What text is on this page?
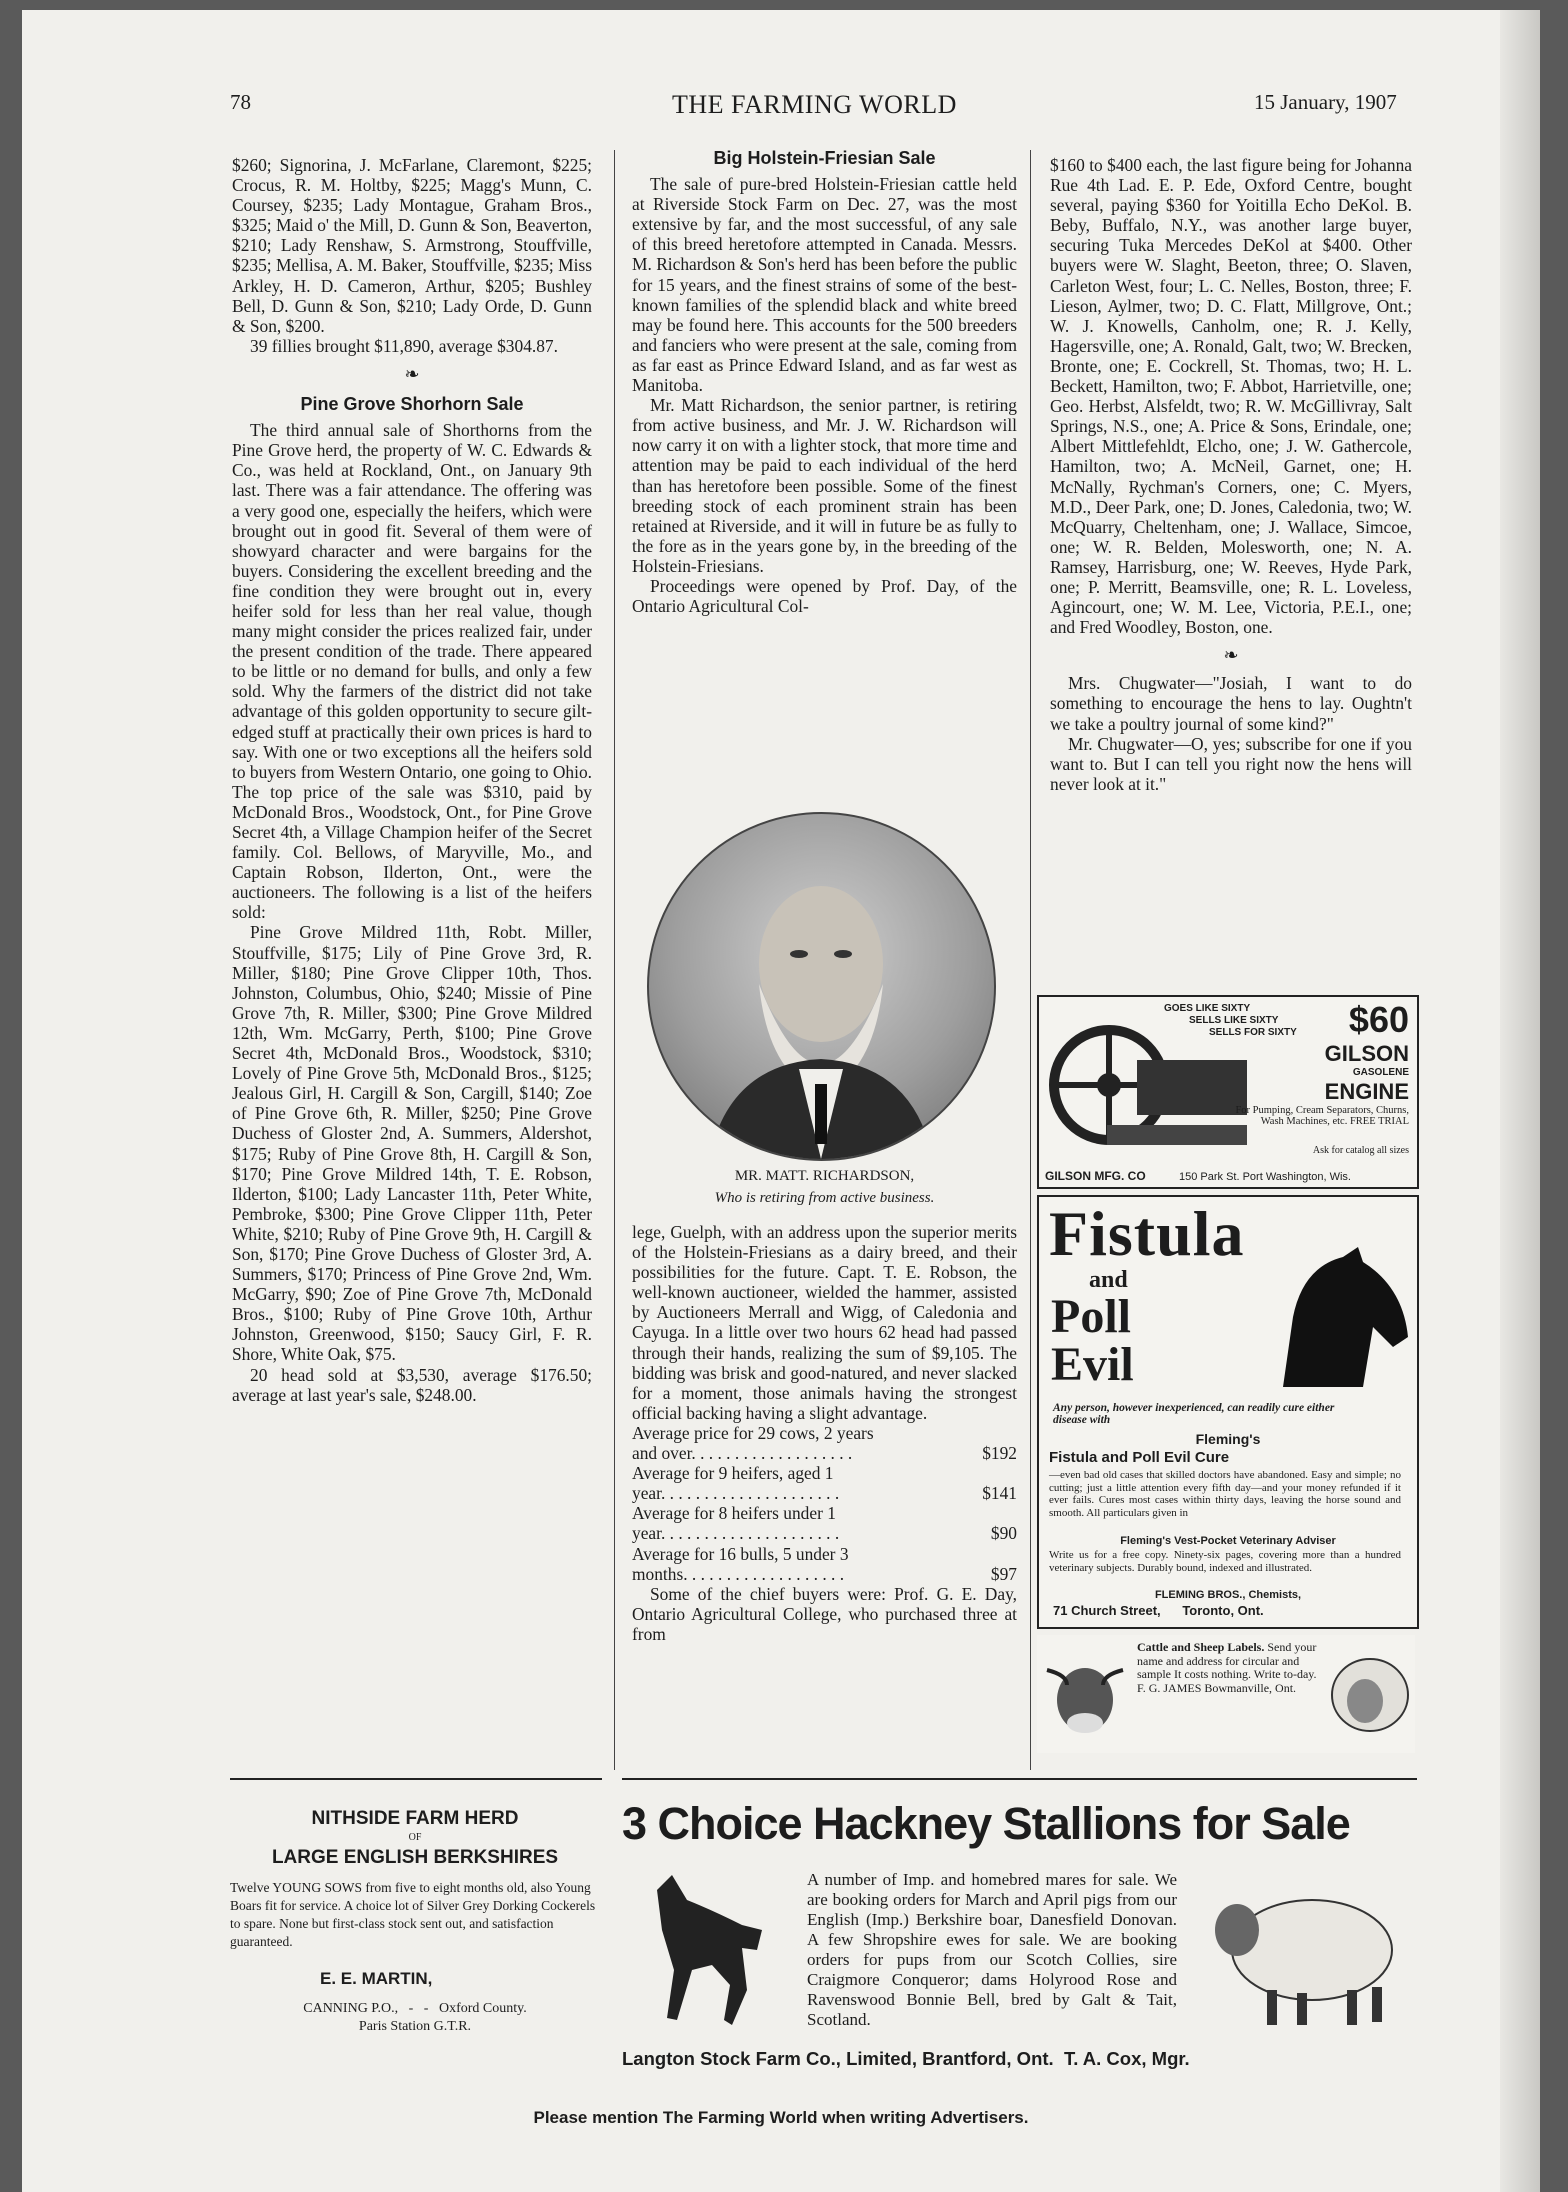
78	THE FARMING WORLD	15 January, 1907

$260; Signorina, J. McFarlane, Claremont, $225; Crocus, R. M. Holtby, $225; Magg's Munn, C. Coursey, $235; Lady Montague, Graham Bros., $325; Maid o' the Mill, D. Gunn & Son, Beaverton, $210; Lady Renshaw, S. Armstrong, Stouffville, $235; Mellisa, A. M. Baker, Stouffville, $235; Miss Arkley, H. D. Cameron, Arthur, $205; Bushley Bell, D. Gunn & Son, $210; Lady Orde, D. Gunn & Son, $200.

39 fillies brought $11,890, average $304.87.

❧
Pine Grove Shorhorn Sale

The third annual sale of Shorthorns from the Pine Grove herd, the property of W. C. Edwards & Co., was held at Rockland, Ont., on January 9th last. There was a fair attendance. The offering was a very good one, especially the heifers, which were brought out in good fit. Several of them were of showyard character and were bargains for the buyers. Considering the excellent breeding and the fine condition they were brought out in, every heifer sold for less than her real value, though many might consider the prices realized fair, under the present condition of the trade. There appeared to be little or no demand for bulls, and only a few sold. Why the farmers of the district did not take advantage of this golden opportunity to secure gilt-edged stuff at practically their own prices is hard to say. With one or two exceptions all the heifers sold to buyers from Western Ontario, one going to Ohio. The top price of the sale was $310, paid by McDonald Bros., Woodstock, Ont., for Pine Grove Secret 4th, a Village Champion heifer of the Secret family. Col. Bellows, of Maryville, Mo., and Captain Robson, Ilderton, Ont., were the auctioneers. The following is a list of the heifers sold:

Pine Grove Mildred 11th, Robt. Miller, Stouffville, $175; Lily of Pine Grove 3rd, R. Miller, $180; Pine Grove Clipper 10th, Thos. Johnston, Columbus, Ohio, $240; Missie of Pine Grove 7th, R. Miller, $300; Pine Grove Mildred 12th, Wm. McGarry, Perth, $100; Pine Grove Secret 4th, McDonald Bros., Woodstock, $310; Lovely of Pine Grove 5th, McDonald Bros., $125; Jealous Girl, H. Cargill & Son, Cargill, $140; Zoe of Pine Grove 6th, R. Miller, $250; Pine Grove Duchess of Gloster 2nd, A. Summers, Aldershot, $175; Ruby of Pine Grove 8th, H. Cargill & Son, $170; Pine Grove Mildred 14th, T. E. Robson, Ilderton, $100; Lady Lancaster 11th, Peter White, Pembroke, $300; Pine Grove Clipper 11th, Peter White, $210; Ruby of Pine Grove 9th, H. Cargill & Son, $170; Pine Grove Duchess of Gloster 3rd, A. Summers, $170; Princess of Pine Grove 2nd, Wm. McGarry, $90; Zoe of Pine Grove 7th, McDonald Bros., $100; Ruby of Pine Grove 10th, Arthur Johnston, Greenwood, $150; Saucy Girl, F. R. Shore, White Oak, $75.

20 head sold at $3,530, average $176.50; average at last year's sale, $248.00.

Big Holstein-Friesian Sale

The sale of pure-bred Holstein-Friesian cattle held at Riverside Stock Farm on Dec. 27, was the most extensive by far, and the most successful, of any sale of this breed heretofore attempted in Canada. Messrs. M. Richardson & Son's herd has been before the public for 15 years, and the finest strains of some of the best-known families of the splendid black and white breed may be found here. This accounts for the 500 breeders and fanciers who were present at the sale, coming from as far east as Prince Edward Island, and as far west as Manitoba.

Mr. Matt Richardson, the senior partner, is retiring from active business, and Mr. J. W. Richardson will now carry it on with a lighter stock, that more time and attention may be paid to each individual of the herd than has heretofore been possible. Some of the finest breeding stock of each prominent strain has been retained at Riverside, and it will in future be as fully to the fore as in the years gone by, in the breeding of the Holstein-Friesians.

Proceedings were opened by Prof. Day, of the Ontario Agricultural Col-

MR. MATT. RICHARDSON,
Who is retiring from active business.

lege, Guelph, with an address upon the superior merits of the Holstein-Friesians as a dairy breed, and their possibilities for the future. Capt. T. E. Robson, the well-known auctioneer, wielded the hammer, assisted by Auctioneers Merrall and Wigg, of Caledonia and Cayuga. In a little over two hours 62 head had passed through their hands, realizing the sum of $9,105. The bidding was brisk and good-natured, and never slacked for a moment, those animals having the strongest official backing having a slight advantage.

Average price for 29 cows, 2 years
and over. . . . . . . . . . . . . . . . . . .	$192
Average for 9 heifers, aged 1
year. . . . . . . . . . . . . . . . . . . . .	$141
Average for 8 heifers under 1
year. . . . . . . . . . . . . . . . . . . . .	$90
Average for 16 bulls, 5 under 3
months. . . . . . . . . . . . . . . . . . .	$97

Some of the chief buyers were: Prof. G. E. Day, Ontario Agricultural College, who purchased three at from

$160 to $400 each, the last figure being for Johanna Rue 4th Lad. E. P. Ede, Oxford Centre, bought several, paying $360 for Yoitilla Echo DeKol. B. Beby, Buffalo, N.Y., was another large buyer, securing Tuka Mercedes DeKol at $400. Other buyers were W. Slaght, Beeton, three; O. Slaven, Carleton West, four; L. C. Nelles, Boston, three; F. Lieson, Aylmer, two; D. C. Flatt, Millgrove, Ont.; W. J. Knowells, Canholm, one; R. J. Kelly, Hagersville, one; A. Ronald, Galt, two; W. Brecken, Bronte, one; E. Cockrell, St. Thomas, two; H. L. Beckett, Hamilton, two; F. Abbot, Harrietville, one; Geo. Herbst, Alsfeldt, two; R. W. McGillivray, Salt Springs, N.S., one; A. Price & Sons, Erindale, one; Albert Mittlefehldt, Elcho, one; J. W. Gathercole, Hamilton, two; A. McNeil, Garnet, one; H. McNally, Rychman's Corners, one; C. Myers, M.D., Deer Park, one; D. Jones, Caledonia, two; W. McQuarry, Cheltenham, one; J. Wallace, Simcoe, one; W. R. Belden, Molesworth, one; N. A. Ramsey, Harrisburg, one; W. Reeves, Hyde Park, one; P. Merritt, Beamsville, one; R. L. Loveless, Agincourt, one; W. M. Lee, Victoria, P.E.I., one; and Fred Woodley, Boston, one.

❧

Mrs. Chugwater—"Josiah, I want to do something to encourage the hens to lay. Oughtn't we take a poultry journal of some kind?"

Mr. Chugwater—O, yes; subscribe for one if you want to. But I can tell you right now the hens will never look at it."

GOES LIKE SIXTY
SELLS LIKE SIXTY
SELLS FOR SIXTY $60
GILSON
GASOLENE
ENGINE
For Pumping, Cream Separators, Churns, Wash Machines, etc. FREE TRIAL
Ask for catalog all sizes
GILSON MFG. CO	150 Park St. Port Washington, Wis.
Fistula
and
Poll
Evil
Any person, however inexperienced, can readily cure either disease with
Fleming's
Fistula and Poll Evil Cure
—even bad old cases that skilled doctors have abandoned. Easy and simple; no cutting; just a little attention every fifth day—and your money refunded if it ever fails. Cures most cases within thirty days, leaving the horse sound and smooth. All particulars given in
Fleming's Vest-Pocket Veterinary Adviser
Write us for a free copy. Ninety-six pages, covering more than a hundred veterinary subjects. Durably bound, indexed and illustrated.
FLEMING BROS., Chemists,
71 Church Street,      Toronto, Ont.
Cattle and Sheep Labels. Send your name and address for circular and sample It costs nothing. Write to-day. F. G. JAMES Bowmanville, Ont.
NITHSIDE FARM HERD
OF
LARGE ENGLISH BERKSHIRES
Twelve YOUNG SOWS from five to eight months old, also Young Boars fit for service. A choice lot of Silver Grey Dorking Cockerels to spare. None but first-class stock sent out, and satisfaction guaranteed.
E. E. MARTIN,
CANNING P.O.,   -   -   Oxford County.
Paris Station G.T.R.
3 Choice Hackney Stallions for Sale
A number of Imp. and homebred mares for sale. We are booking orders for March and April pigs from our English (Imp.) Berkshire boar, Danesfield Donovan. A few Shropshire ewes for sale. We are booking orders for pups from our Scotch Collies, sire Craigmore Conqueror; dams Holyrood Rose and Ravenswood Bonnie Bell, bred by Galt & Tait, Scotland.
Langton Stock Farm Co., Limited, Brantford, Ont.  T. A. Cox, Mgr.
Please mention The Farming World when writing Advertisers.
